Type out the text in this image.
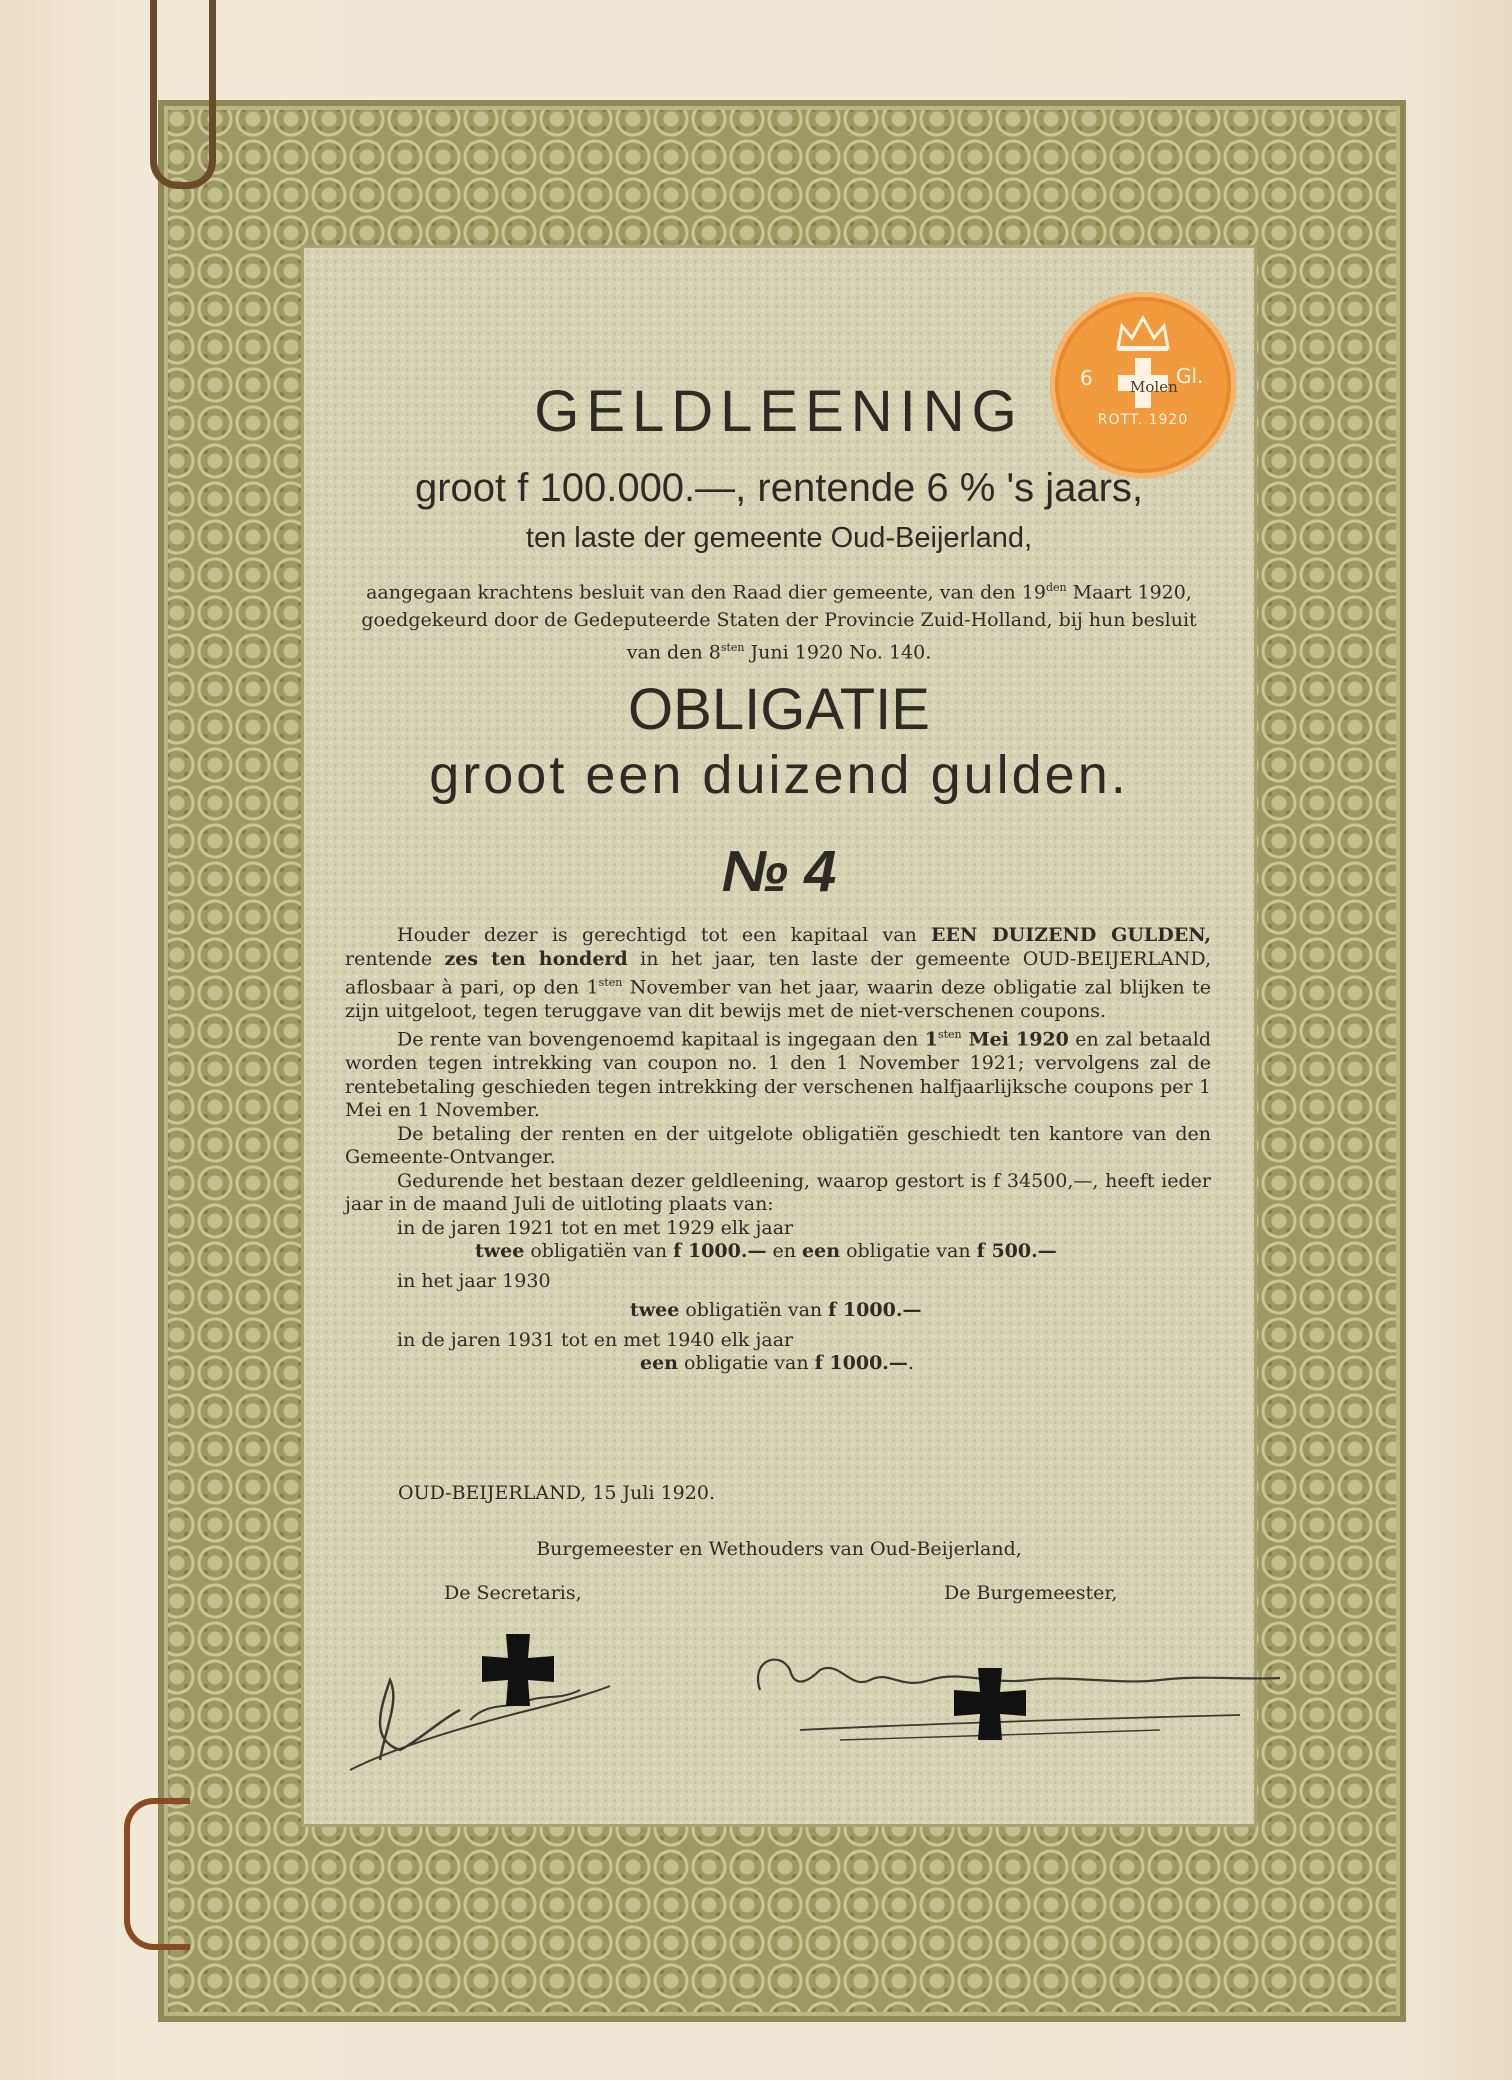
6	Gl.
Molen
ROTT. 1920
GELDLEENING
groot f 100.000.—, rentende 6 % 's jaars,
ten laste der gemeente Oud-Beijerland,
aangegaan krachtens besluit van den Raad dier gemeente, van den $19^{den}$ Maart 1920,
goedgekeurd door de Gedeputeerde Staten der Provincie Zuid-Holland, bij hun besluit
van den $8^{sten}$ Juni 1920 No. 140.
OBLIGATIE
groot een duizend gulden.
№ 4

Houder dezer is gerechtigd tot een kapitaal van EEN DUIZEND GULDEN, rentende zes ten honderd in het jaar, ten laste der gemeente OUD-BEIJERLAND, aflosbaar à pari, op den $1^{sten}$ November van het jaar, waarin deze obligatie zal blijken te zijn uitgeloot, tegen teruggave van dit bewijs met de niet-verschenen coupons.

De rente van bovengenoemd kapitaal is ingegaan den $1^{sten}$ Mei 1920 en zal betaald worden tegen intrekking van coupon no. 1 den 1 November 1921; vervolgens zal de rentebetaling geschieden tegen intrekking der verschenen halfjaarlijksche coupons per 1 Mei en 1 November.

De betaling der renten en der uitgelote obligatiën geschiedt ten kantore van den Gemeente-Ontvanger.

Gedurende het bestaan dezer geldleening, waarop gestort is f 34500,—, heeft ieder jaar in de maand Juli de uitloting plaats van:

in de jaren 1921 tot en met 1929 elk jaar
twee obligatiën van f 1000.— en een obligatie van f 500.—
in het jaar 1930
twee obligatiën van f 1000.—
in de jaren 1931 tot en met 1940 elk jaar
een obligatie van f 1000.—.
OUD-BEIJERLAND, 15 Juli 1920.
Burgemeester en Wethouders van Oud-Beijerland,
De Secretaris,	De Burgemeester,
